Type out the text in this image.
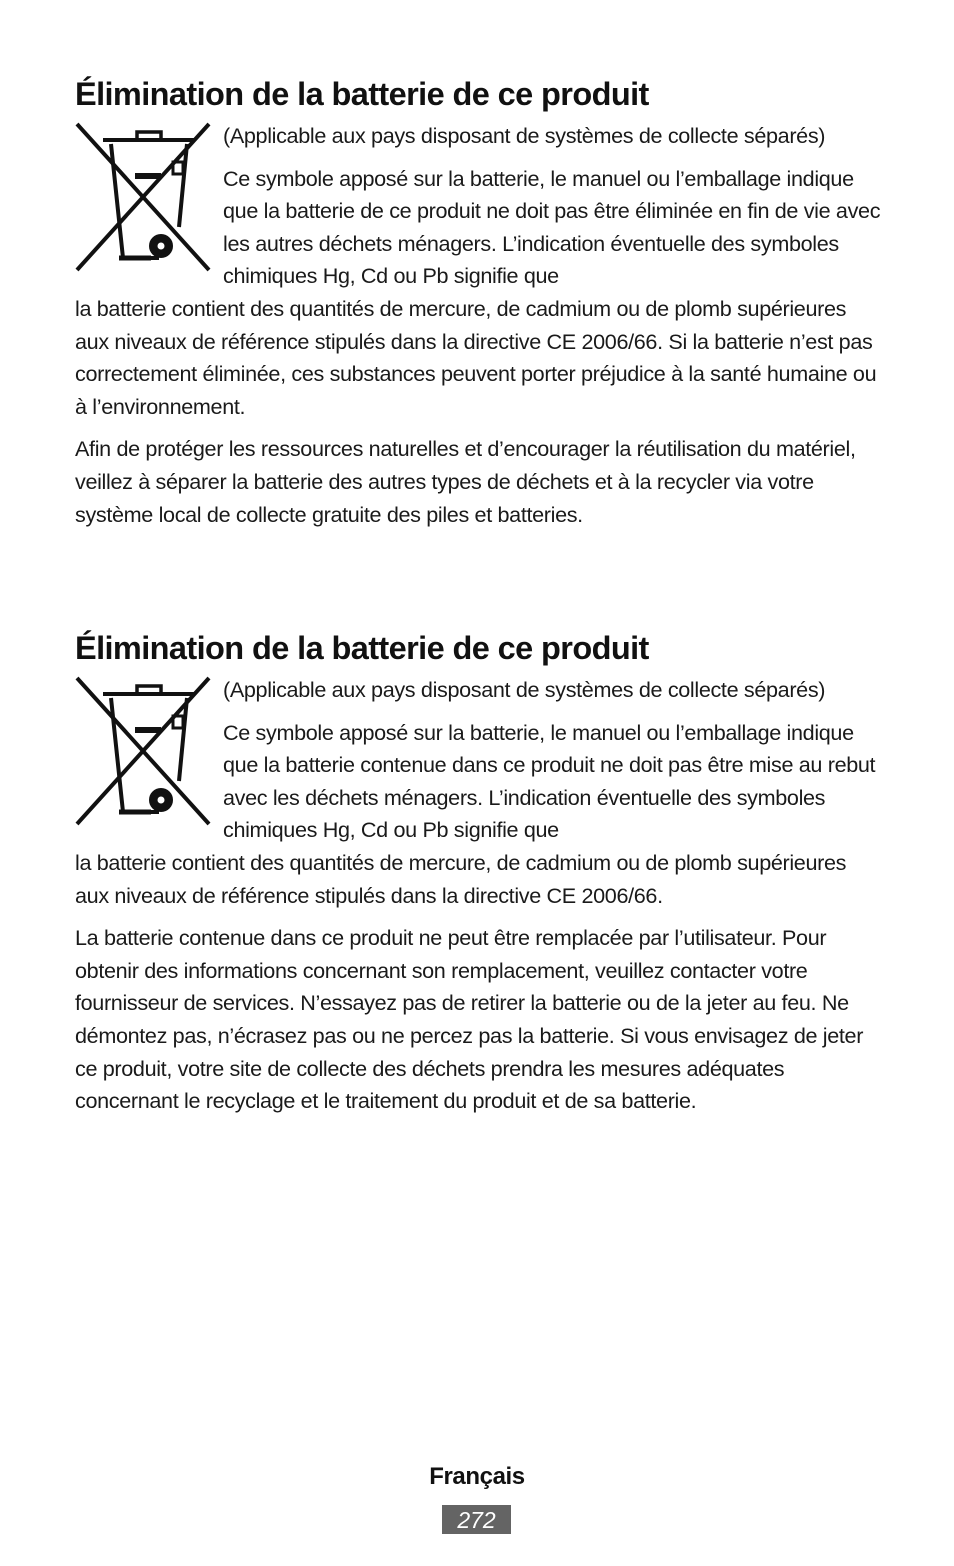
Élimination de la batterie de ce produit

(Applicable aux pays disposant de systèmes de collecte séparés)

Ce symbole apposé sur la batterie, le manuel ou l’emballage indique que la batterie de ce produit ne doit pas être éliminée en fin de vie avec les autres déchets ménagers. L’indication éventuelle des symboles chimiques Hg, Cd ou Pb signifie que

la batterie contient des quantités de mercure, de cadmium ou de plomb supérieures aux niveaux de référence stipulés dans la directive CE 2006/66. Si la batterie n’est pas correctement éliminée, ces substances peuvent porter préjudice à la santé humaine ou à l’environnement.

Afin de protéger les ressources naturelles et d’encourager la réutilisation du matériel, veillez à séparer la batterie des autres types de déchets et à la recycler via votre système local de collecte gratuite des piles et batteries.

Élimination de la batterie de ce produit

(Applicable aux pays disposant de systèmes de collecte séparés)

Ce symbole apposé sur la batterie, le manuel ou l’emballage indique que la batterie contenue dans ce produit ne doit pas être mise au rebut avec les déchets ménagers. L’indication éventuelle des symboles chimiques Hg, Cd ou Pb signifie que

la batterie contient des quantités de mercure, de cadmium ou de plomb supérieures aux niveaux de référence stipulés dans la directive CE 2006/66.

La batterie contenue dans ce produit ne peut être remplacée par l’utilisateur. Pour obtenir des informations concernant son remplacement, veuillez contacter votre fournisseur de services. N’essayez pas de retirer la batterie ou de la jeter au feu. Ne démontez pas, n’écrasez pas ou ne percez pas la batterie. Si vous envisagez de jeter ce produit, votre site de collecte des déchets prendra les mesures adéquates concernant le recyclage et le traitement du produit et de sa batterie.

Français
272
